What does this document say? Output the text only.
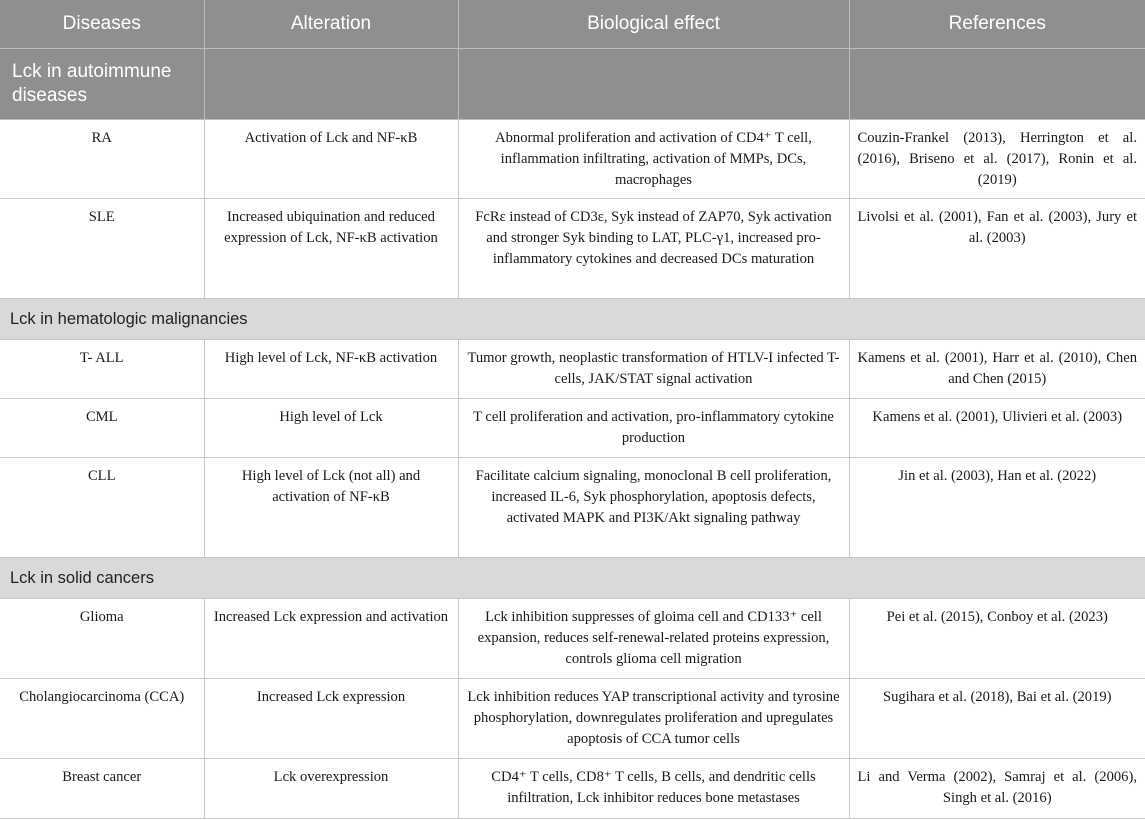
Diseases	Alteration	Biological effect	References
Lck in autoimmune diseases			
RA	Activation of Lck and NF-κB	Abnormal proliferation and activation of CD4⁺ T cell, inflammation infiltrating, activation of MMPs, DCs, macrophages	Couzin-Frankel (2013), Herrington et al. (2016), Briseno et al. (2017), Ronin et al. (2019)
SLE	Increased ubiquination and reduced expression of Lck, NF-κB activation	FcRε instead of CD3ε, Syk instead of ZAP70, Syk activation and stronger Syk binding to LAT, PLC-γ1, increased pro-inflammatory cytokines and decreased DCs maturation	Livolsi et al. (2001), Fan et al. (2003), Jury et al. (2003)
Lck in hematologic malignancies			
T- ALL	High level of Lck, NF-κB activation	Tumor growth, neoplastic transformation of HTLV-I infected T-cells, JAK/STAT signal activation	Kamens et al. (2001), Harr et al. (2010), Chen and Chen (2015)
CML	High level of Lck	T cell proliferation and activation, pro-inflammatory cytokine production	Kamens et al. (2001), Ulivieri et al. (2003)
CLL	High level of Lck (not all) and activation of NF-κB	Facilitate calcium signaling, monoclonal B cell proliferation, increased IL-6, Syk phosphorylation, apoptosis defects, activated MAPK and PI3K/Akt signaling pathway	Jin et al. (2003), Han et al. (2022)
Lck in solid cancers			
Glioma	Increased Lck expression and activation	Lck inhibition suppresses of gloima cell and CD133⁺ cell expansion, reduces self-renewal-related proteins expression, controls glioma cell migration	Pei et al. (2015), Conboy et al. (2023)
Cholangiocarcinoma (CCA)	Increased Lck expression	Lck inhibition reduces YAP transcriptional activity and tyrosine phosphorylation, downregulates proliferation and upregulates apoptosis of CCA tumor cells	Sugihara et al. (2018), Bai et al. (2019)
Breast cancer	Lck overexpression	CD4⁺ T cells, CD8⁺ T cells, B cells, and dendritic cells infiltration, Lck inhibitor reduces bone metastases	Li and Verma (2002), Samraj et al. (2006), Singh et al. (2016)
